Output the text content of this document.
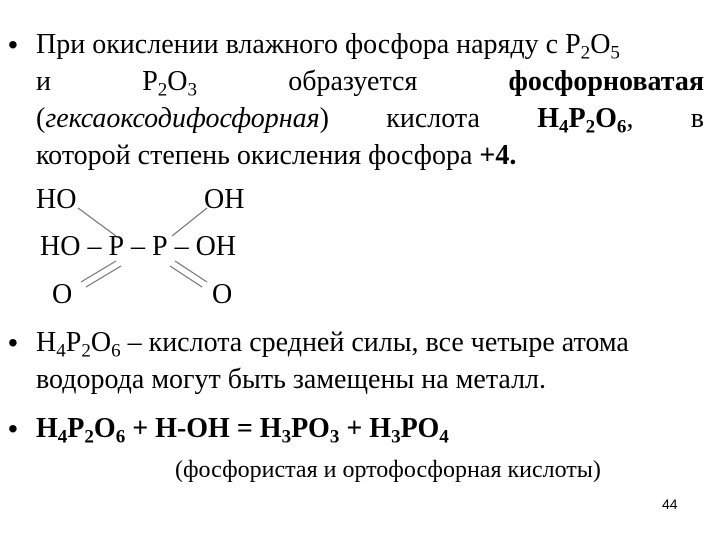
• При окислении влажного фосфора наряду с $Р_2О_5$
и	$Р_2О_3$	образуется	фосфорноватая
(гексаоксодифосфорная) кислота $Н_4Р_2О_6$, в
которой степень окисления фосфора +4.
НО	ОН
НО – Р – Р – ОН
О	О
• $Н_4Р_2О_6$ – кислота средней силы, все четыре атома
водорода могут быть замещены на металл.
• $Н_4Р_2О_6 + Н-ОН = Н_3РО_3 + Н_3РО_4$
(фосфористая и ортофосфорная кислоты)
44
